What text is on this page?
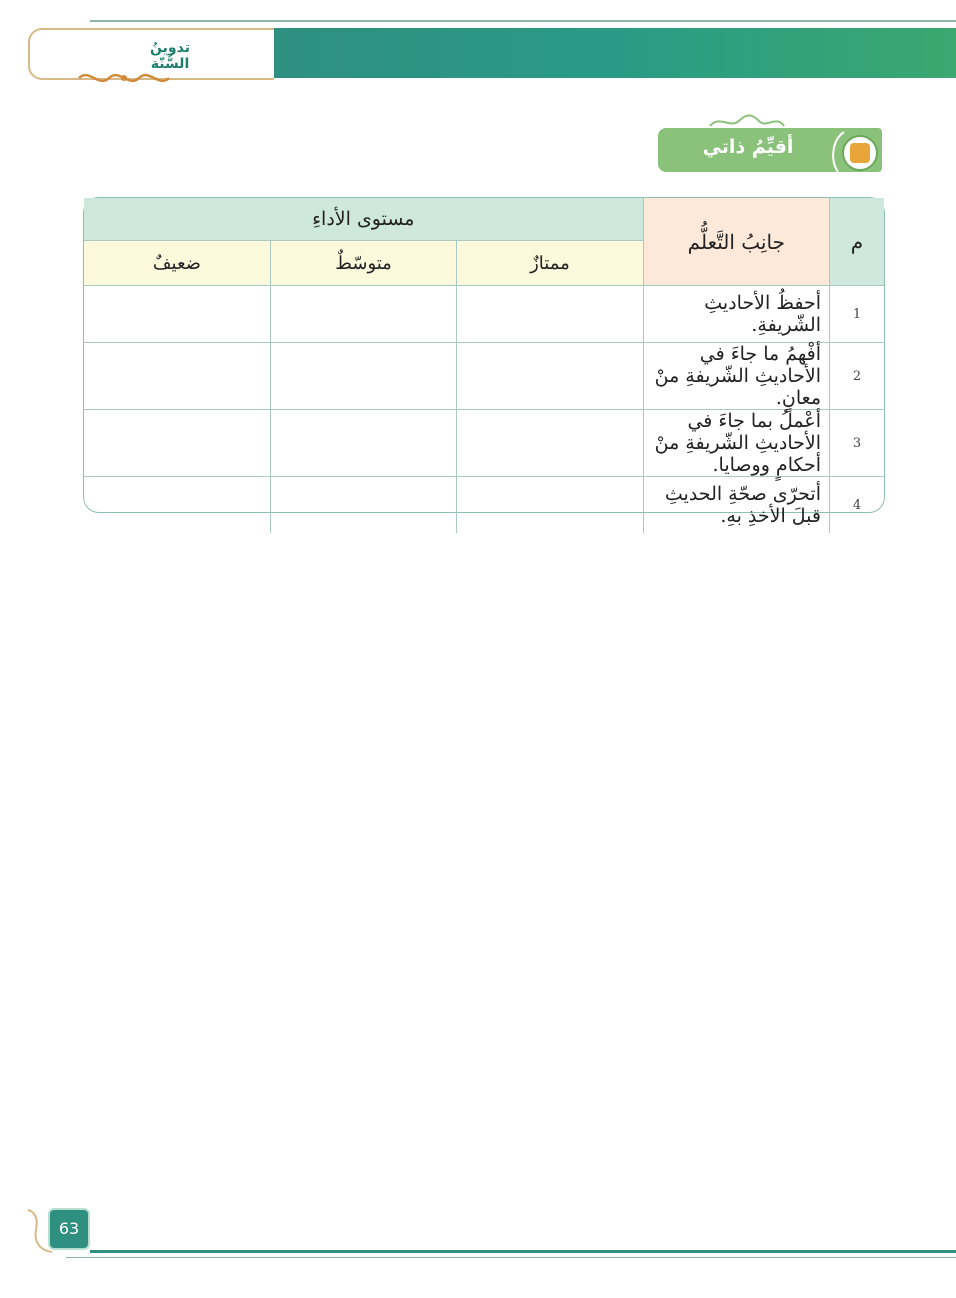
تدوينُ السُّنّة
أقيِّمُ ذاتي
م	جانِبُ التَّعلُّم	مستوى الأداءِ		
		ممتازٌ	متوسّطٌ	ضعيفٌ
1	أحفظُ الأحاديثِ الشّريفةِ.			
2	أفْهمُ ما جاءَ في الأحاديثِ الشّريفةِ منْ معانٍ.			
3	أعْملُ بما جاءَ في الأحاديثِ الشّريفةِ منْ أحكامٍ ووصايا.			
4	أتحرّى صحّةِ الحديثِ قبلَ الأخذِ بهِ.			
63
